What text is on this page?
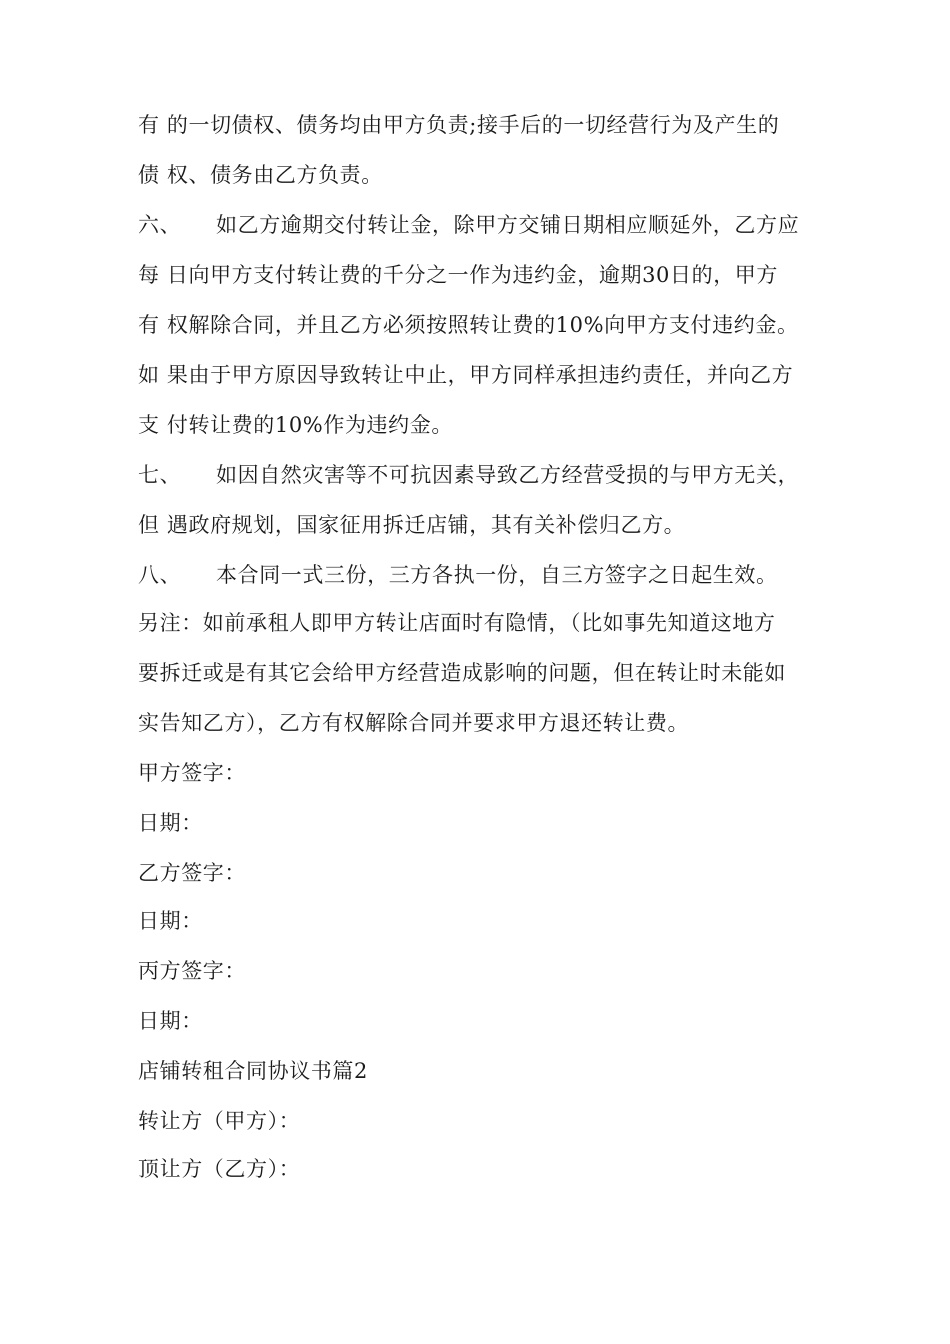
有 的一切债权、债务均由甲方负责;接手后的一切经营行为及产生的
债 权、债务由乙方负责。
六、 如乙方逾期交付转让金，除甲方交铺日期相应顺延外，乙方应
每 日向甲方支付转让费的千分之一作为违约金，逾期30日的，甲方
有 权解除合同，并且乙方必须按照转让费的10%向甲方支付违约金。
如 果由于甲方原因导致转让中止，甲方同样承担违约责任，并向乙方
支 付转让费的10%作为违约金。
七、 如因自然灾害等不可抗因素导致乙方经营受损的与甲方无关，
但 遇政府规划，国家征用拆迁店铺，其有关补偿归乙方。
八、 本合同一式三份，三方各执一份，自三方签字之日起生效。
另注：如前承租人即甲方转让店面时有隐情，（比如事先知道这地方
要拆迁或是有其它会给甲方经营造成影响的问题，但在转让时未能如
实告知乙方），乙方有权解除合同并要求甲方退还转让费。
甲方签字：
日期：
乙方签字：
日期：
丙方签字：
日期：
店铺转租合同协议书篇2
转让方（甲方）：
顶让方（乙方）：
